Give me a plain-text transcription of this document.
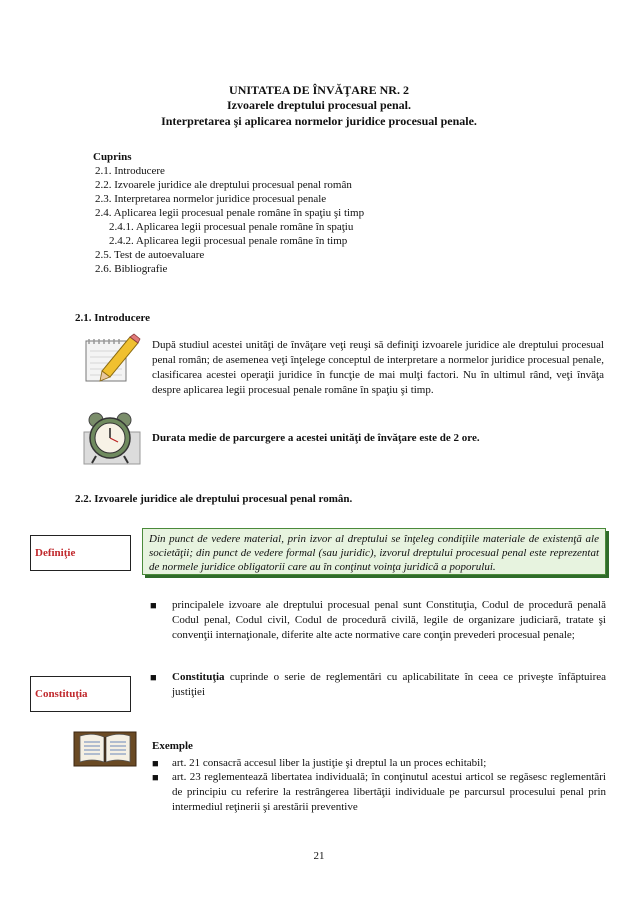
UNITATEA DE ÎNVĂŢARE NR. 2
Izvoarele dreptului procesual penal.
Interpretarea şi aplicarea normelor juridice procesual penale.
Cuprins
2.1. Introducere
2.2. Izvoarele juridice ale dreptului procesual penal român
2.3. Interpretarea normelor juridice procesual penale
2.4. Aplicarea legii procesual penale române în spaţiu şi timp
2.4.1. Aplicarea legii procesual penale române în spaţiu
2.4.2. Aplicarea legii procesual penale române în timp
2.5. Test de autoevaluare
2.6. Bibliografie
2.1. Introducere
După studiul acestei unităţi de învăţare veţi reuşi să definiţi izvoarele juridice ale dreptului procesual penal român; de asemenea veţi înţelege conceptul de interpretare a normelor juridice procesual penale, clasificarea acestei operaţii juridice în funcţie de mai mulţi factori. Nu în ultimul rând, veţi învăţa despre aplicarea legii procesual penale române în spaţiu şi timp.
Durata medie de parcurgere a acestei unităţi de învăţare este de 2 ore.
2.2. Izvoarele juridice ale dreptului procesual penal român.
Definiţie
Din punct de vedere material, prin izvor al dreptului se înţeleg condiţiile materiale de existenţă ale societăţii; din punct de vedere formal (sau juridic), izvorul dreptului procesual penal este reprezentat de normele juridice obligatorii care au în conţinut voinţa juridică a poporului.
■ principalele izvoare ale dreptului procesual penal sunt Constituţia, Codul de procedură penală Codul penal, Codul civil, Codul de procedură civilă, legile de organizare judiciară, tratate şi convenţii internaţionale, diferite alte acte normative care conţin prevederi procesual penale;
Constituţia
■ Constituţia cuprinde o serie de reglementări cu aplicabilitate în ceea ce priveşte înfăptuirea justiţiei
Exemple
■ art. 21 consacră accesul liber la justiţie şi dreptul la un proces echitabil;
■ art. 23 reglementează libertatea individuală; în conţinutul acestui articol se regăsesc reglementări de principiu cu referire la restrângerea libertăţii individuale pe parcursul procesului penal prin intermediul reţinerii şi arestării preventive
21
